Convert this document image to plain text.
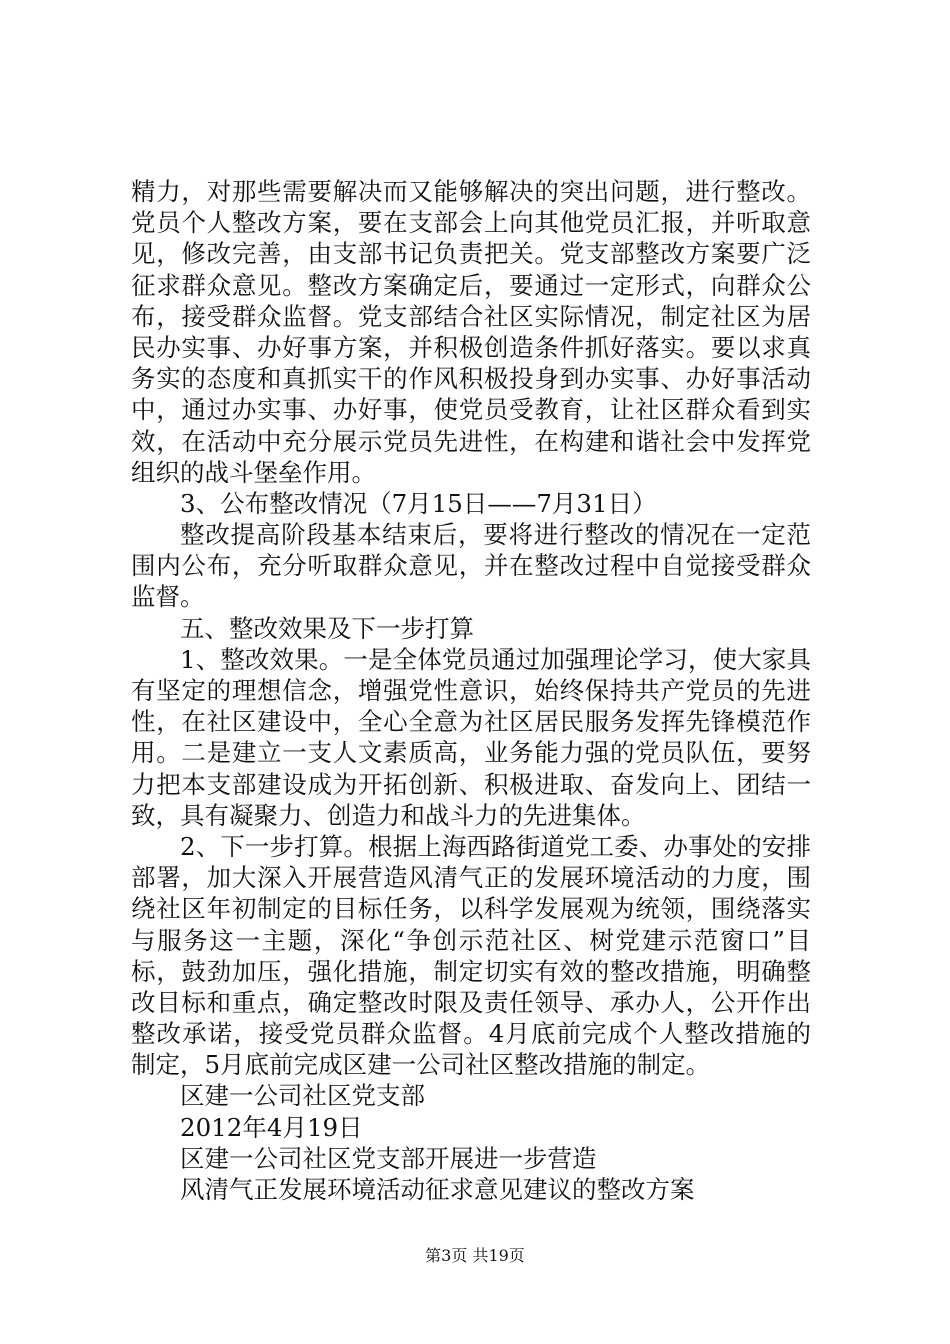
精力，对那些需要解决而又能够解决的突出问题，进行整改。
党员个人整改方案，要在支部会上向其他党员汇报，并听取意
见，修改完善，由支部书记负责把关。党支部整改方案要广泛
征求群众意见。整改方案确定后，要通过一定形式，向群众公
布，接受群众监督。党支部结合社区实际情况，制定社区为居
民办实事、办好事方案，并积极创造条件抓好落实。要以求真
务实的态度和真抓实干的作风积极投身到办实事、办好事活动
中，通过办实事、办好事，使党员受教育，让社区群众看到实
效，在活动中充分展示党员先进性，在构建和谐社会中发挥党
组织的战斗堡垒作用。
3、公布整改情况（7月15日——7月31日）
整改提高阶段基本结束后，要将进行整改的情况在一定范
围内公布，充分听取群众意见，并在整改过程中自觉接受群众
监督。
五、整改效果及下一步打算
1、整改效果。一是全体党员通过加强理论学习，使大家具
有坚定的理想信念，增强党性意识，始终保持共产党员的先进
性，在社区建设中，全心全意为社区居民服务发挥先锋模范作
用。二是建立一支人文素质高，业务能力强的党员队伍，要努
力把本支部建设成为开拓创新、积极进取、奋发向上、团结一
致，具有凝聚力、创造力和战斗力的先进集体。
2、下一步打算。根据上海西路街道党工委、办事处的安排
部署，加大深入开展营造风清气正的发展环境活动的力度，围
绕社区年初制定的目标任务，以科学发展观为统领，围绕落实
与服务这一主题，深化“争创示范社区、树党建示范窗口”目
标，鼓劲加压，强化措施，制定切实有效的整改措施，明确整
改目标和重点，确定整改时限及责任领导、承办人，公开作出
整改承诺，接受党员群众监督。4月底前完成个人整改措施的
制定，5月底前完成区建一公司社区整改措施的制定。
区建一公司社区党支部
2012年4月19日
区建一公司社区党支部开展进一步营造
风清气正发展环境活动征求意见建议的整改方案
第3页 共19页
